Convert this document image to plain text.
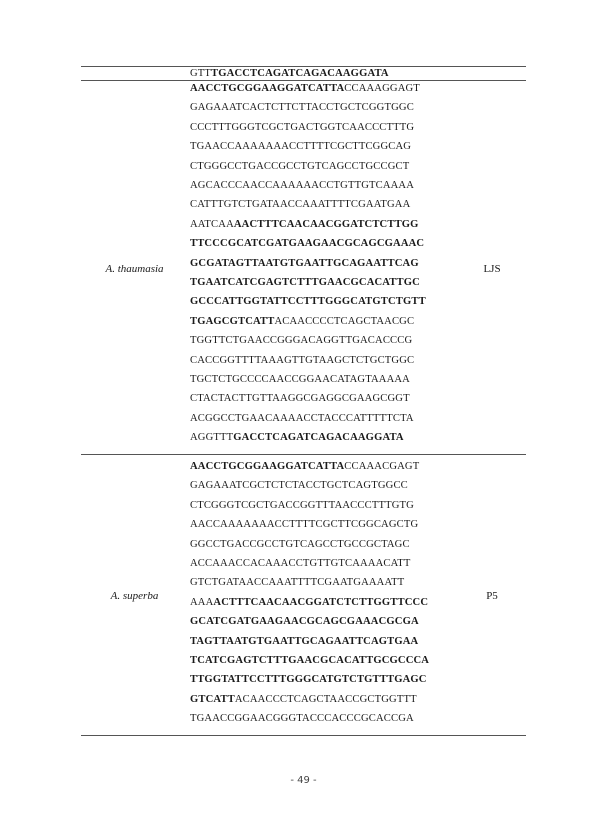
GTTTGACCTCAGATCAGACAAGGATA
AACCTGCGGAAGGATCATTACCAAAGGAGT
GAGAAATCACTCTTCTTACCTGCTCGGTGGC
CCCTTTGGGTCGCTGACTGGTCAACCCTTTG
TGAACCAAAAAAACCTTTTCGCTTCGGCAG
CTGGGCCTGACCGCCTGTCAGCCTGCCGCT
AGCACCCAACCAAAAAACCTGTTGTCAAAA
CATTTGTCTGATAACCAAATTTTCGAATGAA
AATCAAAACTTTCAACAACGGATCTCTTGG
TTCCCGCATCGATGAAGAACGCAGCGAAAC
GCGATAGTTAATGTGAATTGCAGAATTCAG
TGAATCATCGAGTCTTTGAACGCACATTGC
GCCCATTGGTATTCCTTTGGGCATGTCTGTT
TGAGCGTCATTACAACCCCTCAGCTAACGC
TGGTTCTGAACCGGGACAGGTTGACACCCG
CACCGGTTTTAAAGTTGTAAGCTCTGCTGGC
TGCTCTGCCCCAACCGGAACATAGTAAAAA
CTACTACTTGTTAAGGCGAGGCGAAGCGGT
ACGGCCTGAACAAAACCTACCCATTTTTCTA
AGGTTTGACCTCAGATCAGACAAGGATA
AACCTGCGGAAGGATCATTACCAAACGAGT
GAGAAATCGCTCTCTACCTGCTCAGTGGCC
CTCGGGTCGCTGACCGGTTTAACCCTTTGTG
AACCAAAAAAACCTTTTCGCTTCGGCAGCTG
GGCCTGACCGCCTGTCAGCCTGCCGCTAGC
ACCAAACCACAAACCTGTTGTCAAAACATT
GTCTGATAACCAAATTTTCGAATGAAAATT
AAAACTTTCAACAACGGATCTCTTGGTTCCC
GCATCGATGAAGAACGCAGCGAAACGCGA
TAGTTAATGTGAATTGCAGAATTCAGTGAA
TCATCGAGTCTTTGAACGCACATTGCGCCCA
TTGGTATTCCTTTGGGCATGTCTGTTTGAGC
GTCATTACAACCCTCAGCTAACCGCTGGTTT
TGAACCGGAACGGGTACCCACCCGCACCGA
A. thaumasia	LJS
A. superba	P5
- 49 -
